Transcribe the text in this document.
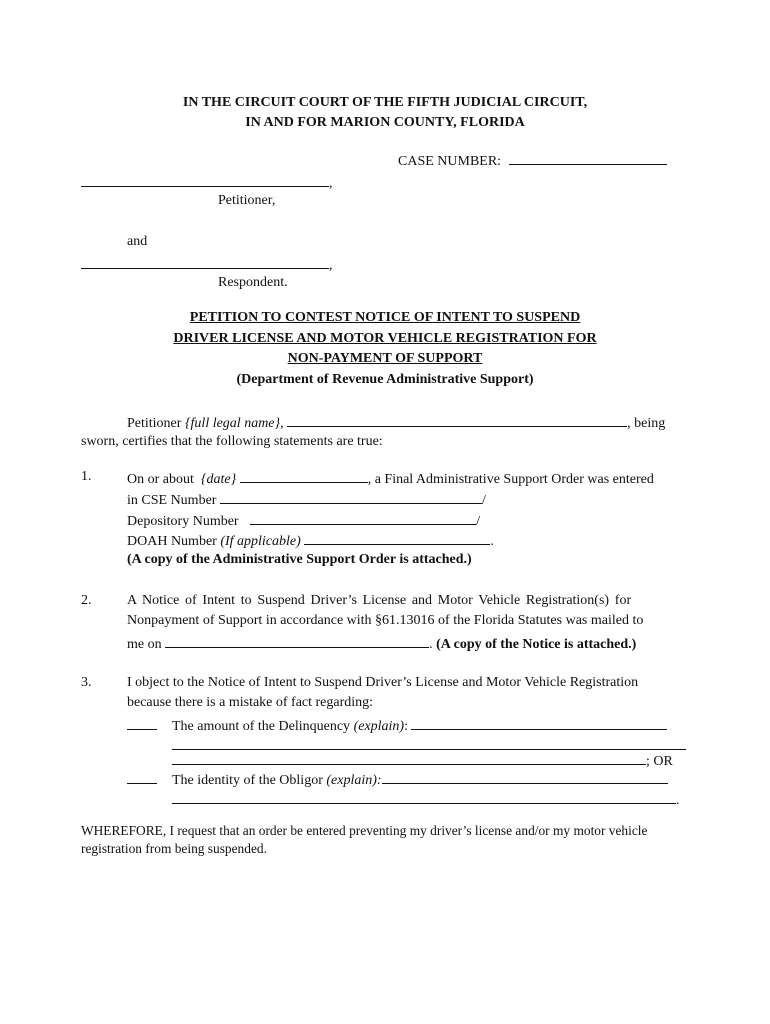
IN THE CIRCUIT COURT OF THE FIFTH JUDICIAL CIRCUIT,
IN AND FOR MARION COUNTY, FLORIDA
CASE NUMBER:
,
Petitioner,
and
,
Respondent.
PETITION TO CONTEST NOTICE OF INTENT TO SUSPEND
DRIVER LICENSE AND MOTOR VEHICLE REGISTRATION FOR
NON-PAYMENT OF SUPPORT
(Department of Revenue Administrative Support)
Petitioner {full legal name},	, being
sworn, certifies that the following statements are true:
1.	On or about {date}	, a Final Administrative Support Order was entered
in CSE Number	/
Depository Number	/
DOAH Number (If applicable)	.
(A copy of the Administrative Support Order is attached.)
2.	A Notice of Intent to Suspend Driver’s License and Motor Vehicle Registration(s) for
Nonpayment of Support in accordance with §61.13016 of the Florida Statutes was mailed to
me on	. (A copy of the Notice is attached.)
3.	I object to the Notice of Intent to Suspend Driver’s License and Motor Vehicle Registration
because there is a mistake of fact regarding:
The amount of the Delinquency (explain):
; OR
The identity of the Obligor (explain):
.
WHEREFORE, I request that an order be entered preventing my driver’s license and/or my motor vehicle
registration from being suspended.
